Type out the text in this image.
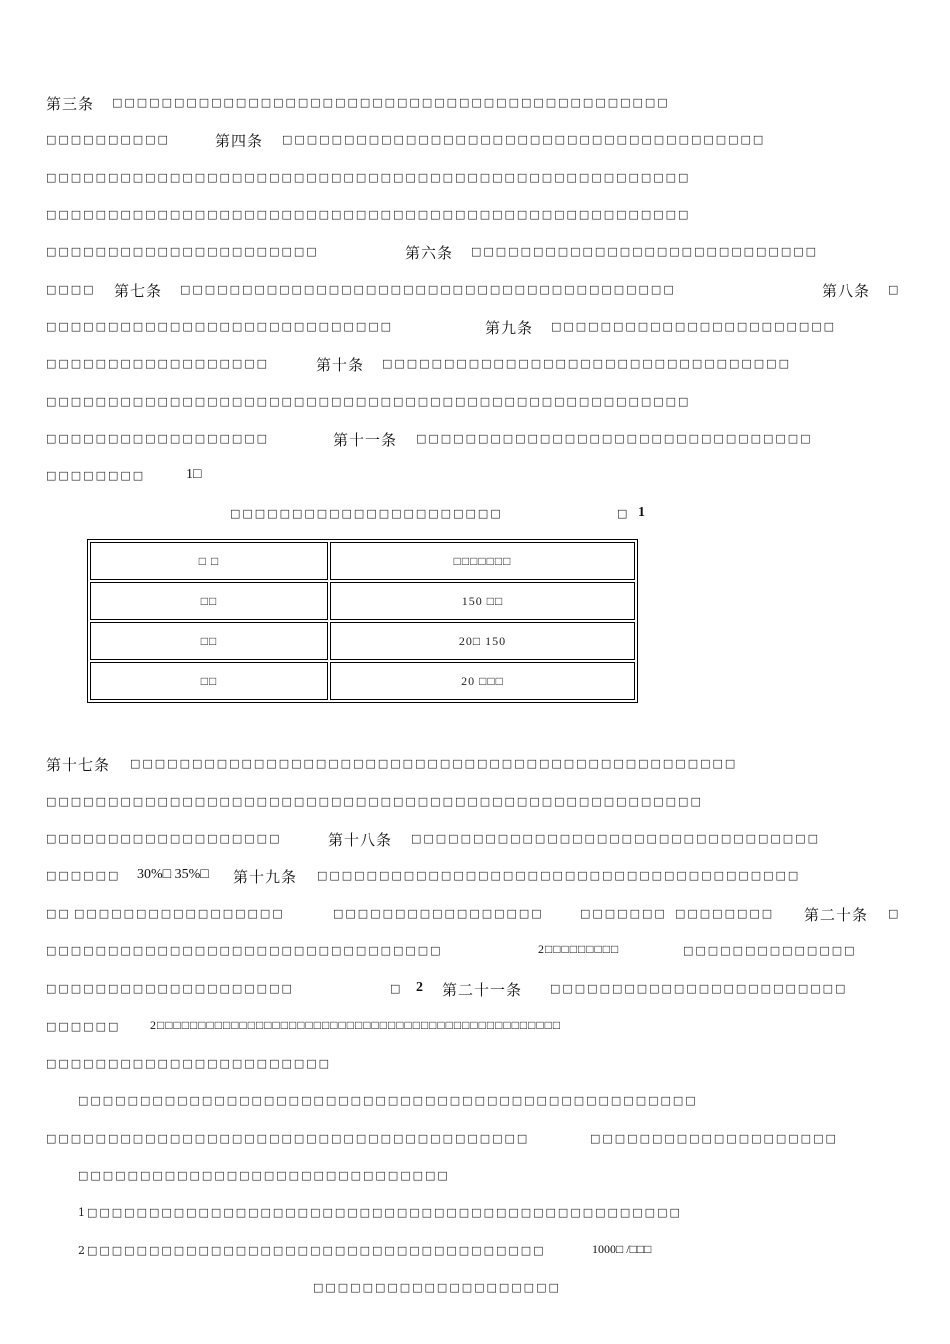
第三条 □□□□□□□□□□□□□□□□□□□□□□□□□□□□□□□□□□□□□□□□□□□□□
□□□□□□□□□□	第四条 □□□□□□□□□□□□□□□□□□□□□□□□□□□□□□□□□□□□□□□
□□□□□□□□□□□□□□□□□□□□□□□□□□□□□□□□□□□□□□□□□□□□□□□□□□□□
□□□□□□□□□□□□□□□□□□□□□□□□□□□□□□□□□□□□□□□□□□□□□□□□□□□□
□□□□□□□□□□□□□□□□□□□□□□	第六条 □□□□□□□□□□□□□□□□□□□□□□□□□□□□
□□□□ 第七条 □□□□□□□□□□□□□□□□□□□□□□□□□□□□□□□□□□□□□□□□	第八条 □
□□□□□□□□□□□□□□□□□□□□□□□□□□□□	第九条 □□□□□□□□□□□□□□□□□□□□□□□
□□□□□□□□□□□□□□□□□□	第十条 □□□□□□□□□□□□□□□□□□□□□□□□□□□□□□□□□
□□□□□□□□□□□□□□□□□□□□□□□□□□□□□□□□□□□□□□□□□□□□□□□□□□□□
□□□□□□□□□□□□□□□□□□	第十一条 □□□□□□□□□□□□□□□□□□□□□□□□□□□□□□□□
□□□□□□□□	1□
□□□□□□□□□□□□□□□□□□□□□□	□ 1
□ □	□□□□□□□
□□	150 □□
□□	20□ 150
□□	20 □□□
第十七条 □□□□□□□□□□□□□□□□□□□□□□□□□□□□□□□□□□□□□□□□□□□□□□□□□
□□□□□□□□□□□□□□□□□□□□□□□□□□□□□□□□□□□□□□□□□□□□□□□□□□□□□
□□□□□□□□□□□□□□□□□□□	第十八条 □□□□□□□□□□□□□□□□□□□□□□□□□□□□□□□□□
□□□□□□ 30%□ 35%□ 第十九条 □□□□□□□□□□□□□□□□□□□□□□□□□□□□□□□□□□□□□□□
□□ □□□□□□□□□□□□□□□□□	□□□□□□□□□□□□□□□□□	□□□□□□□ □□□□□□□□ 第二十条 □
□□□□□□□□□□□□□□□□□□□□□□□□□□□□□□□□	2□□□□□□□□□	□□□□□□□□□□□□□□
□□□□□□□□□□□□□□□□□□□□	□ 2 第二十一条	□□□□□□□□□□□□□□□□□□□□□□□□
□□□□□□ 2□□□□□□□□□□□□□□□□□□□□□□□□□□□□□□□□□□□□□□□□□□□□□□□□□
□□□□□□□□□□□□□□□□□□□□□□□
□□□□□□□□□□□□□□□□□□□□□□□□□□□□□□□□□□□□□□□□□□□□□□□□□□
□□□□□□□□□□□□□□□□□□□□□□□□□□□□□□□□□□□□□□□	□□□□□□□□□□□□□□□□□□□□
□□□□□□□□□□□□□□□□□□□□□□□□□□□□□□
1□□□□□□□□□□□□□□□□□□□□□□□□□□□□□□□□□□□□□□□□□□□□□□□□
2□□□□□□□□□□□□□□□□□□□□□□□□□□□□□□□□□□□□□	1000□ /□□□
□□□□□□□□□□□□□□□□□□□□
